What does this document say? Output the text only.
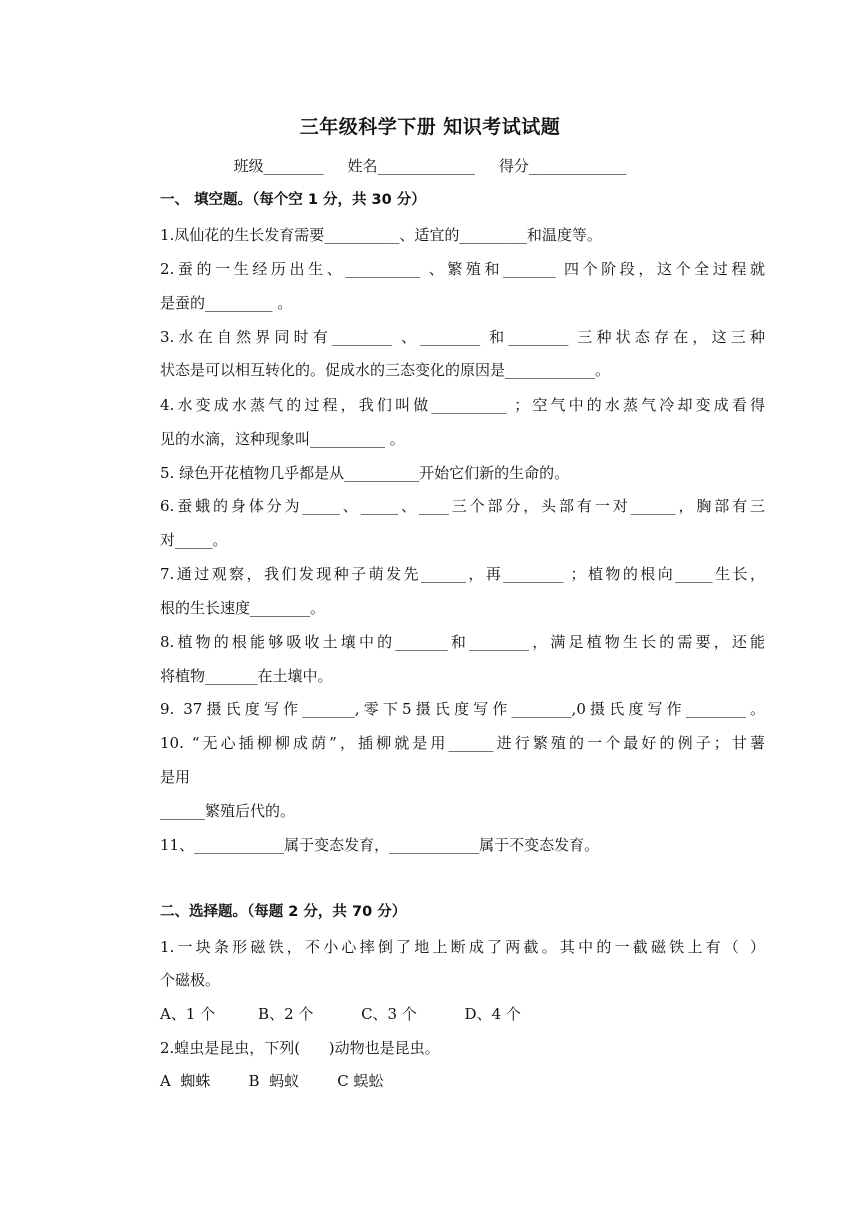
三年级科学下册 知识考试试题
班级________     姓名_____________     得分_____________
一、 填空题。（每个空 1 分，共 30 分）
1.凤仙花的生长发育需要__________、适宜的_________和温度等。
2.蚕的一生经历出生、__________ 、繁殖和_______ 四个阶段，这个全过程就
是蚕的_________ 。
3.水在自然界同时有________ 、________ 和________ 三种状态存在，这三种
状态是可以相互转化的。促成水的三态变化的原因是____________。
4.水变成水蒸气的过程，我们叫做__________ ；空气中的水蒸气冷却变成看得
见的水滴，这种现象叫__________ 。
5. 绿色开花植物几乎都是从__________开始它们新的生命的。
6.蚕蛾的身体分为_____、_____、____三个部分，头部有一对______，胸部有三
对_____。
7.通过观察，我们发现种子萌发先______，再________ ；植物的根向_____生长，
根的生长速度________。
8.植物的根能够吸收土壤中的_______和________，满足植物生长的需要，还能
将植物_______在土壤中。
9. 37摄氏度写作_______,零下5摄氏度写作________,0摄氏度写作________。
10. “无心插柳柳成荫”，插柳就是用______进行繁殖的一个最好的例子；甘薯
是用
______繁殖后代的。
11、____________属于变态发育，____________属于不变态发育。
二、选择题。（每题 2 分，共 70 分）
1.一块条形磁铁，不小心摔倒了地上断成了两截。其中的一截磁铁上有（ ）
个磁极。
A、1 个         B、2 个          C、3 个          D、4 个
2.蝗虫是昆虫，下列(      )动物也是昆虫。
A  蜘蛛        B  蚂蚁        C 蜈蚣
